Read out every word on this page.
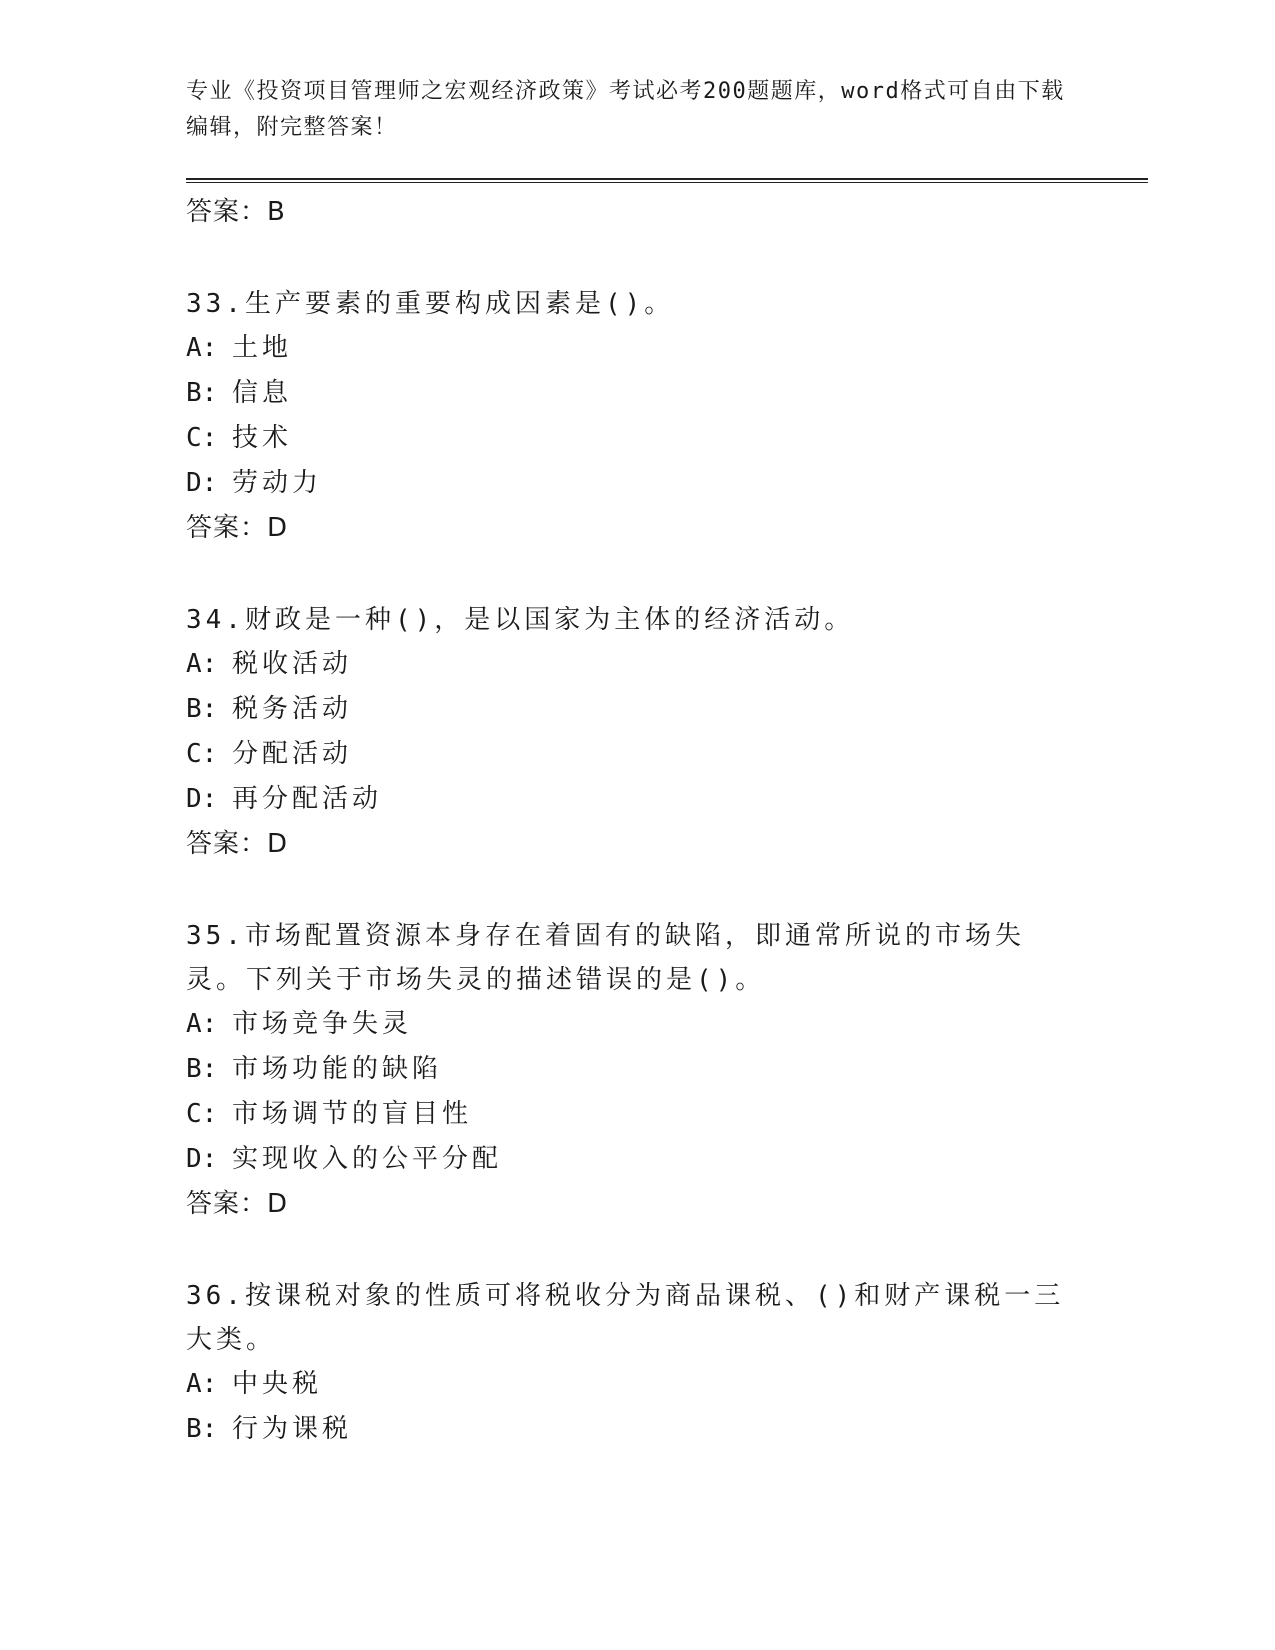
专业《投资项目管理师之宏观经济政策》考试必考200题题库，word格式可自由下载编辑，附完整答案！
答案：B
33.生产要素的重要构成因素是()。
A: 土地
B: 信息
C: 技术
D: 劳动力
答案：D
34.财政是一种()，是以国家为主体的经济活动。
A: 税收活动
B: 税务活动
C: 分配活动
D: 再分配活动
答案：D
35.市场配置资源本身存在着固有的缺陷，即通常所说的市场失灵。下列关于市场失灵的描述错误的是()。
A: 市场竞争失灵
B: 市场功能的缺陷
C: 市场调节的盲目性
D: 实现收入的公平分配
答案：D
36.按课税对象的性质可将税收分为商品课税、()和财产课税一三大类。
A: 中央税
B: 行为课税
